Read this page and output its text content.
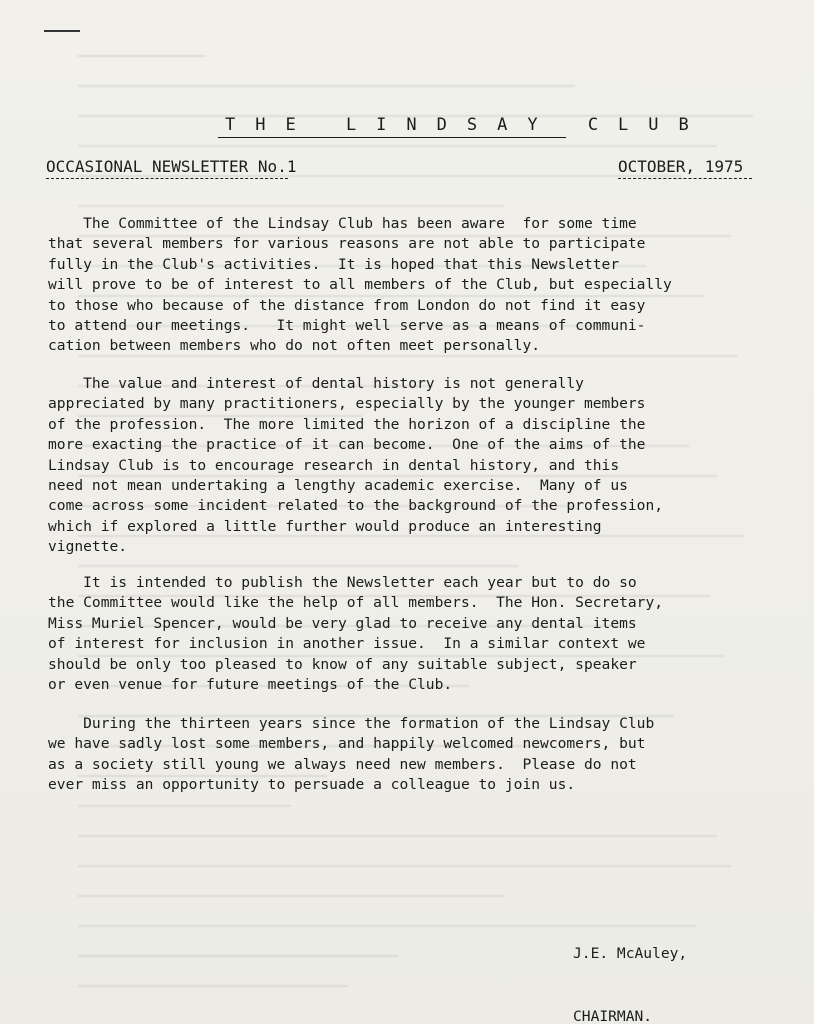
THE LINDSAY CLUB
OCCASIONAL NEWSLETTER No.1	OCTOBER, 1975

The Committee of the Lindsay Club has been aware  for some time
that several members for various reasons are not able to participate
fully in the Club's activities.  It is hoped that this Newsletter
will prove to be of interest to all members of the Club, but especially
to those who because of the distance from London do not find it easy
to attend our meetings.   It might well serve as a means of communi-
cation between members who do not often meet personally.

The value and interest of dental history is not generally
appreciated by many practitioners, especially by the younger members
of the profession.  The more limited the horizon of a discipline the
more exacting the practice of it can become.  One of the aims of the
Lindsay Club is to encourage research in dental history, and this
need not mean undertaking a lengthy academic exercise.  Many of us
come across some incident related to the background of the profession,
which if explored a little further would produce an interesting
vignette.

It is intended to publish the Newsletter each year but to do so
the Committee would like the help of all members.  The Hon. Secretary,
Miss Muriel Spencer, would be very glad to receive any dental items
of interest for inclusion in another issue.  In a similar context we
should be only too pleased to know of any suitable subject, speaker
or even venue for future meetings of the Club.

During the thirteen years since the formation of the Lindsay Club
we have sadly lost some members, and happily welcomed newcomers, but
as a society still young we always need new members.  Please do not
ever miss an opportunity to persuade a colleague to join us.

J.E. McAuley,

CHAIRMAN.
